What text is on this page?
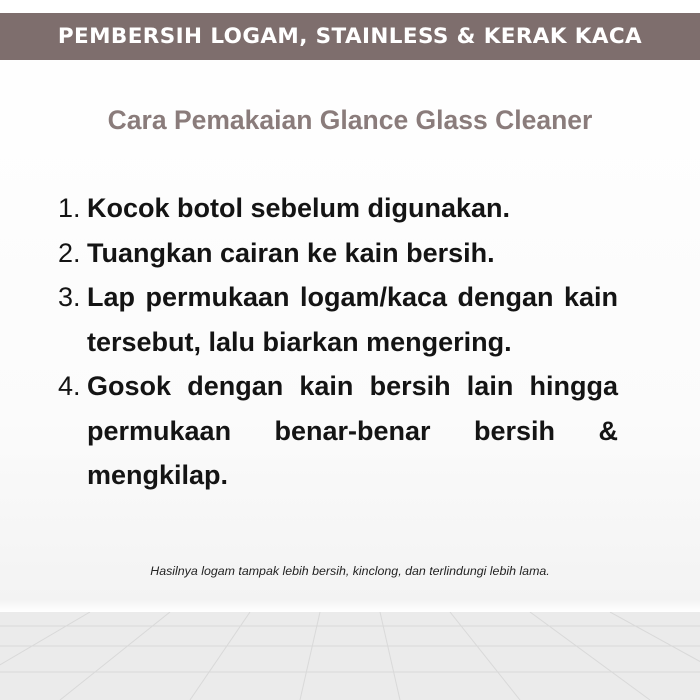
PEMBERSIH LOGAM, STAINLESS & KERAK KACA
Cara Pemakaian Glance Glass Cleaner
1. Kocok botol sebelum digunakan.
2. Tuangkan cairan ke kain bersih.
3. Lap permukaan logam/kaca dengan kain tersebut, lalu biarkan mengering.
4. Gosok dengan kain bersih lain hingga permukaan benar-benar bersih & mengkilap.
Hasilnya logam tampak lebih bersih, kinclong, dan terlindungi lebih lama.
